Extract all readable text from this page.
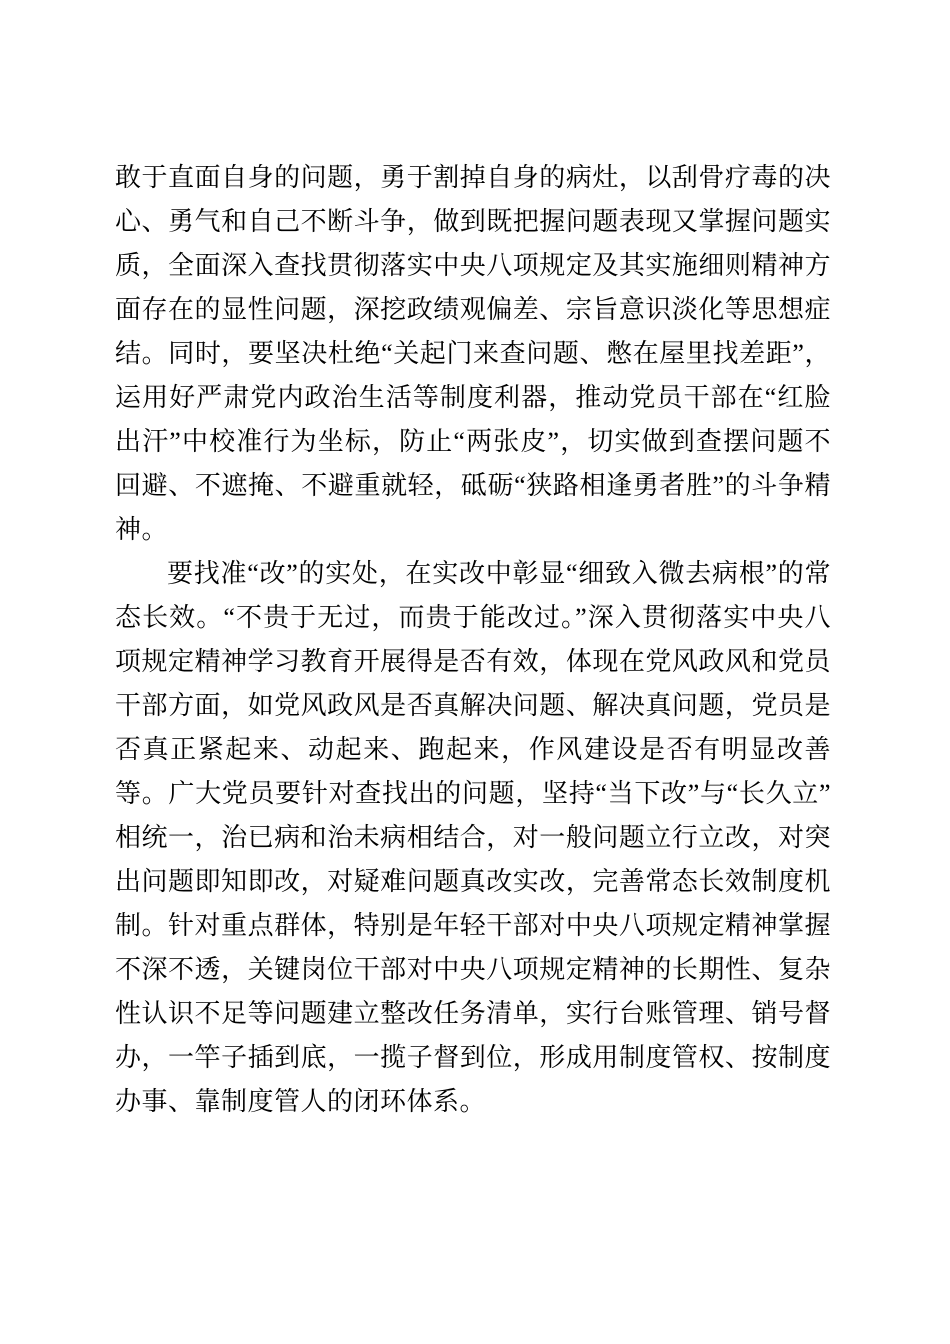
敢于直面自身的问题，勇于割掉自身的病灶，以刮骨疗毒的决心、勇气和自己不断斗争，做到既把握问题表现又掌握问题实质，全面深入查找贯彻落实中央八项规定及其实施细则精神方面存在的显性问题，深挖政绩观偏差、宗旨意识淡化等思想症结。同时，要坚决杜绝“关起门来查问题、憋在屋里找差距”，运用好严肃党内政治生活等制度利器，推动党员干部在“红脸出汗”中校准行为坐标，防止“两张皮”，切实做到查摆问题不回避、不遮掩、不避重就轻，砥砺“狭路相逢勇者胜”的斗争精神。

要找准“改”的实处，在实改中彰显“细致入微去病根”的常态长效。“不贵于无过，而贵于能改过。”深入贯彻落实中央八项规定精神学习教育开展得是否有效，体现在党风政风和党员干部方面，如党风政风是否真解决问题、解决真问题，党员是否真正紧起来、动起来、跑起来，作风建设是否有明显改善等。广大党员要针对查找出的问题，坚持“当下改”与“长久立”相统一，治已病和治未病相结合，对一般问题立行立改，对突出问题即知即改，对疑难问题真改实改，完善常态长效制度机制。针对重点群体，特别是年轻干部对中央八项规定精神掌握不深不透，关键岗位干部对中央八项规定精神的长期性、复杂性认识不足等问题建立整改任务清单，实行台账管理、销号督办，一竿子插到底，一揽子督到位，形成用制度管权、按制度办事、靠制度管人的闭环体系。
